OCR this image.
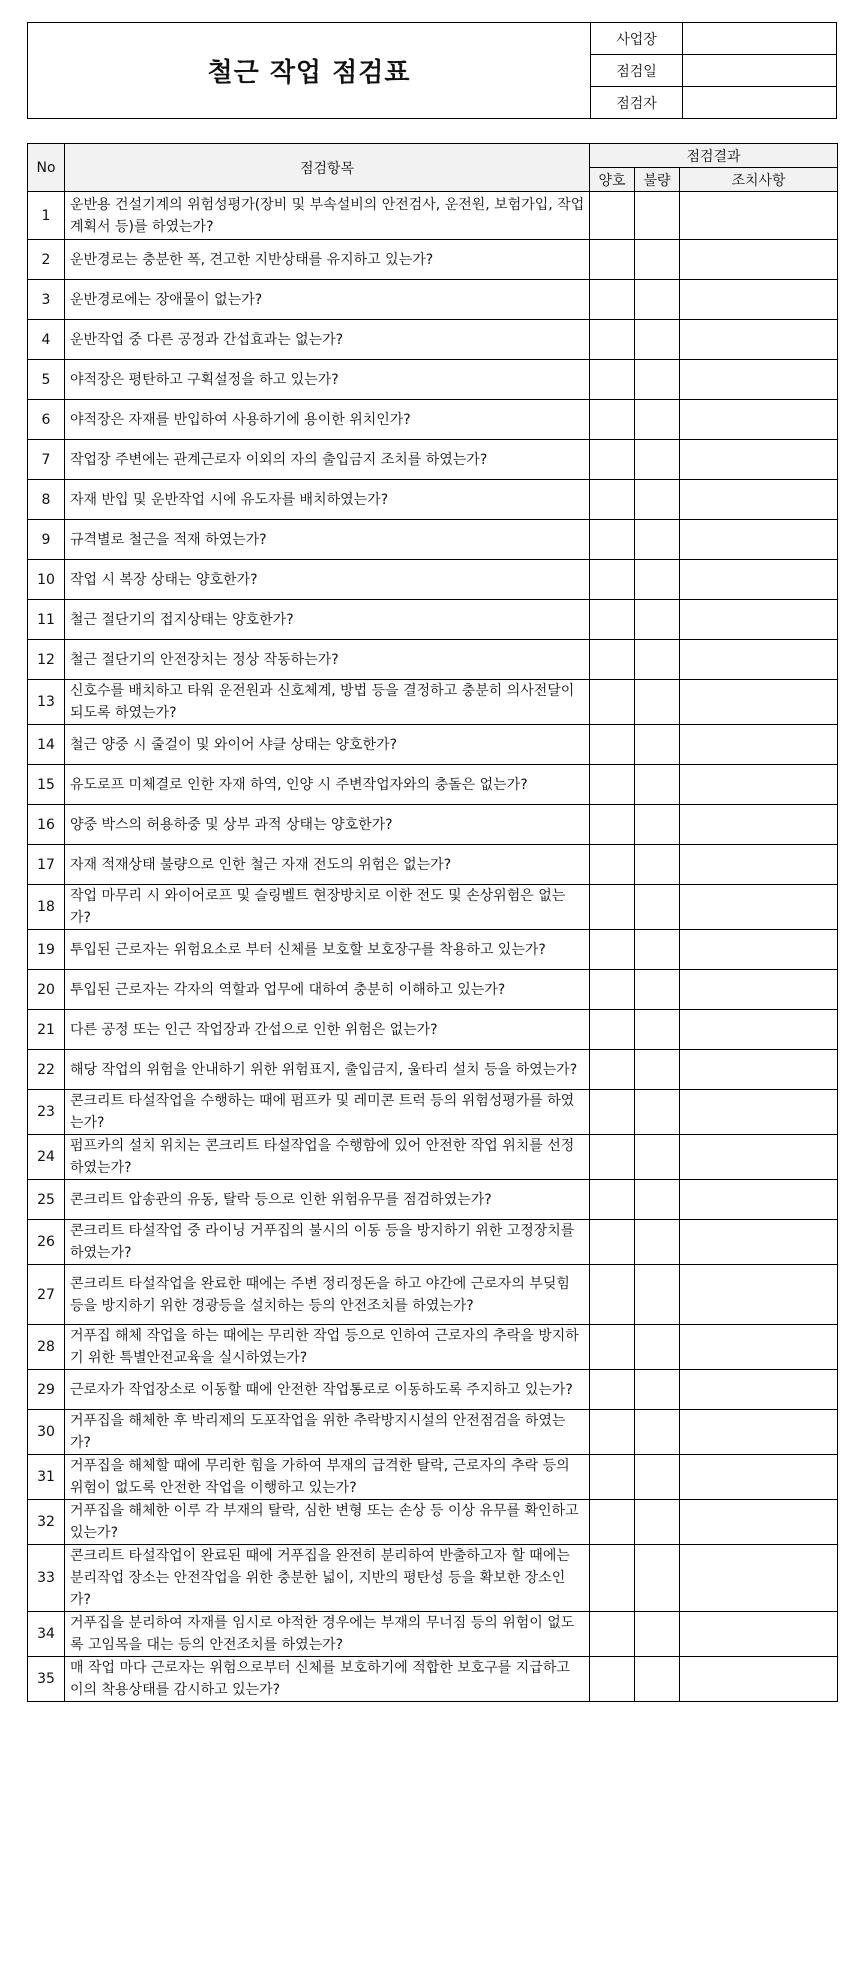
철근 작업 점검표
사업장
점검일
점검자
No	점검항목	점검결과		
		양호	불량	조치사항
1	운반용 건설기계의 위험성평가(장비 및 부속설비의 안전검사, 운전원, 보험가입, 작업계획서 등)를 하였는가?			
2	운반경로는 충분한 폭, 견고한 지반상태를 유지하고 있는가?			
3	운반경로에는 장애물이 없는가?			
4	운반작업 중 다른 공정과 간섭효과는 없는가?			
5	야적장은 평탄하고 구획설정을 하고 있는가?			
6	야적장은 자재를 반입하여 사용하기에 용이한 위치인가?			
7	작업장 주변에는 관계근로자 이외의 자의 출입금지 조치를 하였는가?			
8	자재 반입 및 운반작업 시에 유도자를 배치하였는가?			
9	규격별로 철근을 적재 하였는가?			
10	작업 시 복장 상태는 양호한가?			
11	철근 절단기의 접지상태는 양호한가?			
12	철근 절단기의 안전장치는 정상 작동하는가?			
13	신호수를 배치하고 타워 운전원과 신호체계, 방법 등을 결정하고 충분히 의사전달이 되도록 하였는가?			
14	철근 양중 시 줄걸이 및 와이어 샤클 상태는 양호한가?			
15	유도로프 미체결로 인한 자재 하역, 인양 시 주변작업자와의 충돌은 없는가?			
16	양중 박스의 허용하중 및 상부 과적 상태는 양호한가?			
17	자재 적재상태 불량으로 인한 철근 자재 전도의 위험은 없는가?			
18	작업 마무리 시 와이어로프 및 슬링벨트 현장방치로 이한 전도 및 손상위험은 없는가?			
19	투입된 근로자는 위험요소로 부터 신체를 보호할 보호장구를 착용하고 있는가?			
20	투입된 근로자는 각자의 역할과 업무에 대하여 충분히 이해하고 있는가?			
21	다른 공정 또는 인근 작업장과 간섭으로 인한 위험은 없는가?			
22	해당 작업의 위험을 안내하기 위한 위험표지, 출입금지, 울타리 설치 등을 하였는가?			
23	콘크리트 타설작업을 수행하는 때에 펌프카 및 레미콘 트럭 등의 위험성평가를 하였는가?			
24	펌프카의 설치 위치는 콘크리트 타설작업을 수행함에 있어 안전한 작업 위치를 선정하였는가?			
25	콘크리트 압송관의 유동, 탈락 등으로 인한 위험유무를 점검하였는가?			
26	콘크리트 타설작업 중 라이닝 거푸집의 불시의 이동 등을 방지하기 위한 고정장치를 하였는가?			
27	콘크리트 타설작업을 완료한 때에는 주변 정리정돈을 하고 야간에 근로자의 부딪힘 등을 방지하기 위한 경광등을 설치하는 등의 안전조치를 하였는가?			
28	거푸집 해체 작업을 하는 때에는 무리한 작업 등으로 인하여 근로자의 추락을 방지하기 위한 특별안전교육을 실시하였는가?			
29	근로자가 작업장소로 이동할 때에 안전한 작업통로로 이동하도록 주지하고 있는가?			
30	거푸집을 해체한 후 박리제의 도포작업을 위한 추락방지시설의 안전점검을 하였는가?			
31	거푸집을 해체할 때에 무리한 힘을 가하여 부재의 급격한 탈락, 근로자의 추락 등의 위험이 없도록 안전한 작업을 이행하고 있는가?			
32	거푸집을 해체한 이루 각 부재의 탈락, 심한 변형 또는 손상 등 이상 유무를 확인하고 있는가?			
33	콘크리트 타설작업이 완료된 때에 거푸집을 완전히 분리하여 반출하고자 할 때에는 분리작업 장소는 안전작업을 위한 충분한 넓이, 지반의 평탄성 등을 확보한 장소인가?			
34	거푸집을 분리하여 자재를 임시로 야적한 경우에는 부재의 무너짐 등의 위험이 없도록 고임목을 대는 등의 안전조치를 하였는가?			
35	매 작업 마다 근로자는 위험으로부터 신체를 보호하기에 적합한 보호구를 지급하고 이의 착용상태를 감시하고 있는가?			
